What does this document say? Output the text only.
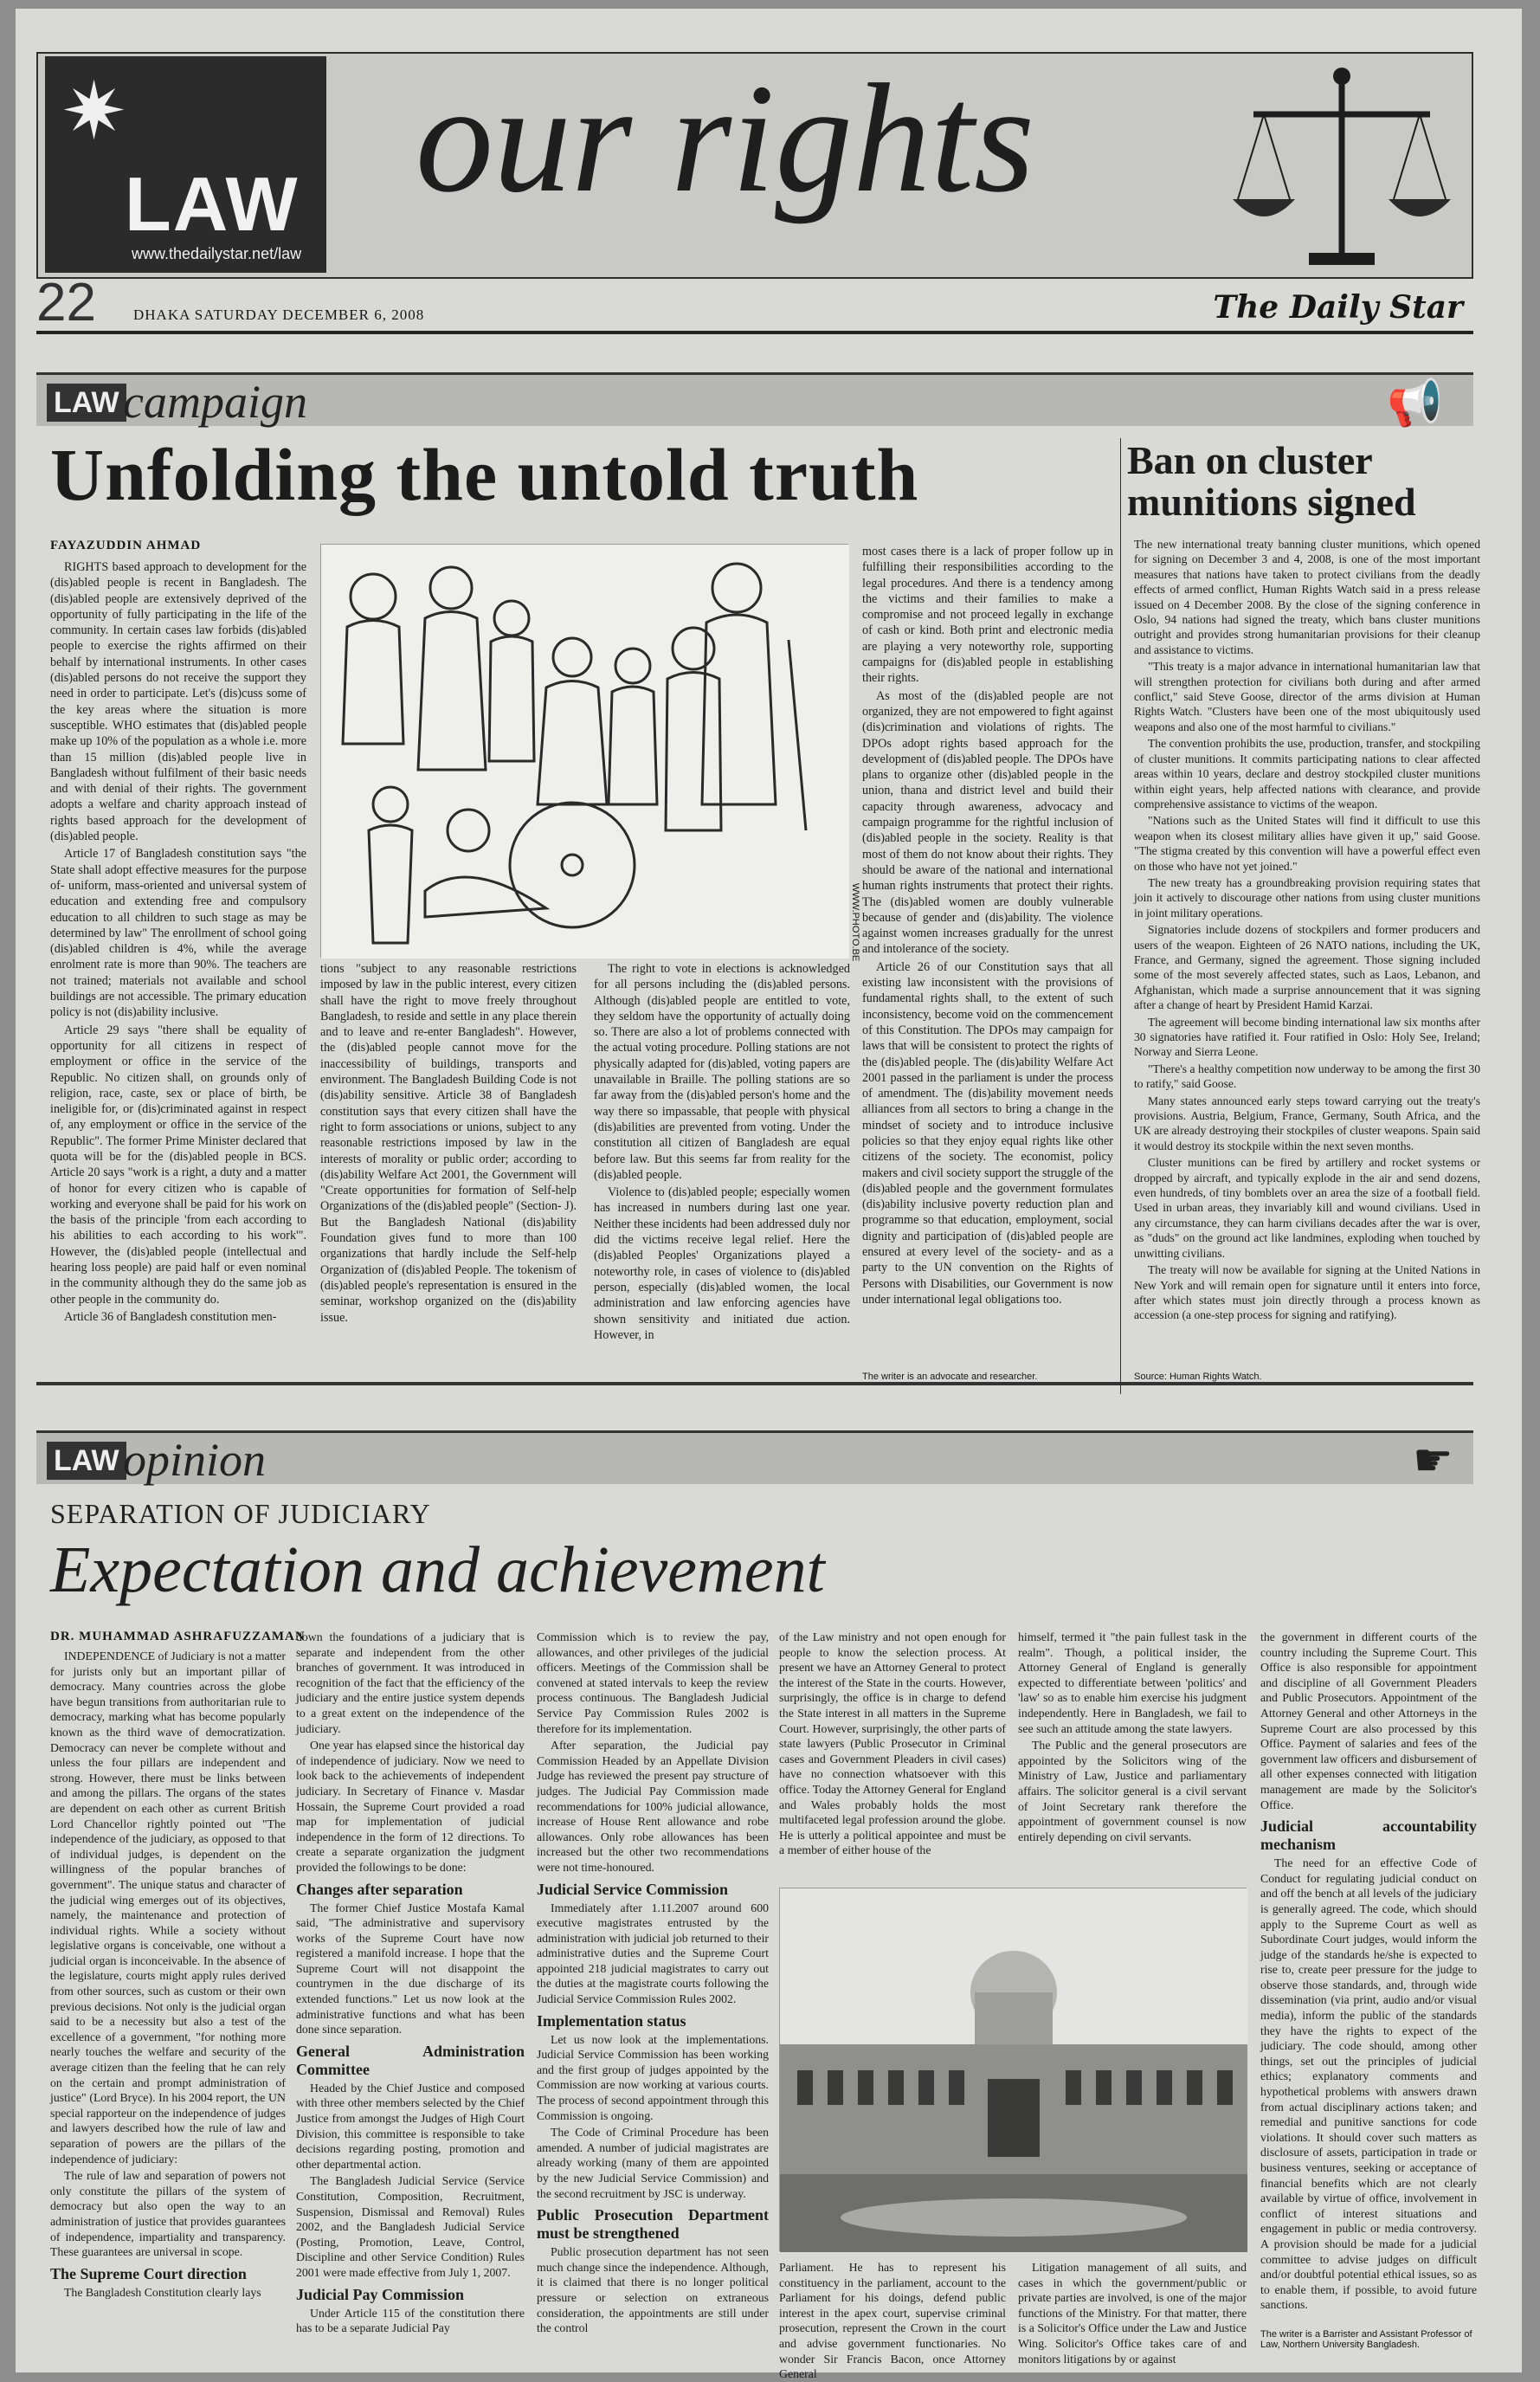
✷
LAW
www.thedailystar.net/law
our rights
22	DHAKA SATURDAY DECEMBER 6, 2008	The Daily Star
LAW campaign	📢
Unfolding the untold truth
FAYAZUDDIN AHMAD

RIGHTS based approach to development for the (dis)abled people is recent in Bangladesh. The (dis)abled people are extensively deprived of the opportunity of fully participating in the life of the community. In certain cases law forbids (dis)abled people to exercise the rights affirmed on their behalf by international instruments. In other cases (dis)abled persons do not receive the support they need in order to participate. Let's (dis)cuss some of the key areas where the situation is more susceptible. WHO estimates that (dis)abled people make up 10% of the population as a whole i.e. more than 15 million (dis)abled people live in Bangladesh without fulfilment of their basic needs and with denial of their rights. The government adopts a welfare and charity approach instead of rights based approach for the development of (dis)abled people.

Article 17 of Bangladesh constitution says "the State shall adopt effective measures for the purpose of- uniform, mass-oriented and universal system of education and extending free and compulsory education to all children to such stage as may be determined by law" The enrollment of school going (dis)abled children is 4%, while the average enrolment rate is more than 90%. The teachers are not trained; materials not available and school buildings are not accessible. The primary education policy is not (dis)ability inclusive.

Article 29 says "there shall be equality of opportunity for all citizens in respect of employment or office in the service of the Republic. No citizen shall, on grounds only of religion, race, caste, sex or place of birth, be ineligible for, or (dis)criminated against in respect of, any employment or office in the service of the Republic". The former Prime Minister declared that quota will be for the (dis)abled people in BCS. Article 20 says "work is a right, a duty and a matter of honor for every citizen who is capable of working and everyone shall be paid for his work on the basis of the principle 'from each according to his abilities to each according to his work'". However, the (dis)abled people (intellectual and hearing loss people) are paid half or even nominal in the community although they do the same job as other people in the community do.

Article 36 of Bangladesh constitution men-

WWW.PHOTO.BE

tions "subject to any reasonable restrictions imposed by law in the public interest, every citizen shall have the right to move freely throughout Bangladesh, to reside and settle in any place therein and to leave and re-enter Bangladesh". However, the (dis)abled people cannot move for the inaccessibility of buildings, transports and environment. The Bangladesh Building Code is not (dis)ability sensitive. Article 38 of Bangladesh constitution says that every citizen shall have the right to form associations or unions, subject to any reasonable restrictions imposed by law in the interests of morality or public order; according to (dis)ability Welfare Act 2001, the Government will "Create opportunities for formation of Self-help Organizations of the (dis)abled people" (Section- J). But the Bangladesh National (dis)ability Foundation gives fund to more than 100 organizations that hardly include the Self-help Organization of (dis)abled People. The tokenism of (dis)abled people's representation is ensured in the seminar, workshop organized on the (dis)ability issue.

The right to vote in elections is acknowledged for all persons including the (dis)abled persons. Although (dis)abled people are entitled to vote, they seldom have the opportunity of actually doing so. There are also a lot of problems connected with the actual voting procedure. Polling stations are not physically adapted for (dis)abled, voting papers are unavailable in Braille. The polling stations are so far away from the (dis)abled person's home and the way there so impassable, that people with physical (dis)abilities are prevented from voting. Under the constitution all citizen of Bangladesh are equal before law. But this seems far from reality for the (dis)abled people.

Violence to (dis)abled people; especially women has increased in numbers during last one year. Neither these incidents had been addressed duly nor did the victims receive legal relief. Here the (dis)abled Peoples' Organizations played a noteworthy role, in cases of violence to (dis)abled person, especially (dis)abled women, the local administration and law enforcing agencies have shown sensitivity and initiated due action. However, in

most cases there is a lack of proper follow up in fulfilling their responsibilities according to the legal procedures. And there is a tendency among the victims and their families to make a compromise and not proceed legally in exchange of cash or kind. Both print and electronic media are playing a very noteworthy role, supporting campaigns for (dis)abled people in establishing their rights.

As most of the (dis)abled people are not organized, they are not empowered to fight against (dis)crimination and violations of rights. The DPOs adopt rights based approach for the development of (dis)abled people. The DPOs have plans to organize other (dis)abled people in the union, thana and district level and build their capacity through awareness, advocacy and campaign programme for the rightful inclusion of (dis)abled people in the society. Reality is that most of them do not know about their rights. They should be aware of the national and international human rights instruments that protect their rights. The (dis)abled women are doubly vulnerable because of gender and (dis)ability. The violence against women increases gradually for the unrest and intolerance of the society.

Article 26 of our Constitution says that all existing law inconsistent with the provisions of fundamental rights shall, to the extent of such inconsistency, become void on the commencement of this Constitution. The DPOs may campaign for laws that will be consistent to protect the rights of the (dis)abled people. The (dis)ability Welfare Act 2001 passed in the parliament is under the process of amendment. The (dis)ability movement needs alliances from all sectors to bring a change in the mindset of society and to introduce inclusive policies so that they enjoy equal rights like other citizens of the society. The economist, policy makers and civil society support the struggle of the (dis)abled people and the government formulates (dis)ability inclusive poverty reduction plan and programme so that education, employment, social dignity and participation of (dis)abled people are ensured at every level of the society- and as a party to the UN convention on the Rights of Persons with Disabilities, our Government is now under international legal obligations too.

The writer is an advocate and researcher.
Ban on cluster munitions signed

The new international treaty banning cluster munitions, which opened for signing on December 3 and 4, 2008, is one of the most important measures that nations have taken to protect civilians from the deadly effects of armed conflict, Human Rights Watch said in a press release issued on 4 December 2008. By the close of the signing conference in Oslo, 94 nations had signed the treaty, which bans cluster munitions outright and provides strong humanitarian provisions for their cleanup and assistance to victims.

"This treaty is a major advance in international humanitarian law that will strengthen protection for civilians both during and after armed conflict," said Steve Goose, director of the arms division at Human Rights Watch. "Clusters have been one of the most ubiquitously used weapons and also one of the most harmful to civilians."

The convention prohibits the use, production, transfer, and stockpiling of cluster munitions. It commits participating nations to clear affected areas within 10 years, declare and destroy stockpiled cluster munitions within eight years, help affected nations with clearance, and provide comprehensive assistance to victims of the weapon.

"Nations such as the United States will find it difficult to use this weapon when its closest military allies have given it up," said Goose. "The stigma created by this convention will have a powerful effect even on those who have not yet joined."

The new treaty has a groundbreaking provision requiring states that join it actively to discourage other nations from using cluster munitions in joint military operations.

Signatories include dozens of stockpilers and former producers and users of the weapon. Eighteen of 26 NATO nations, including the UK, France, and Germany, signed the agreement. Those signing included some of the most severely affected states, such as Laos, Lebanon, and Afghanistan, which made a surprise announcement that it was signing after a change of heart by President Hamid Karzai.

The agreement will become binding international law six months after 30 signatories have ratified it. Four ratified in Oslo: Holy See, Ireland; Norway and Sierra Leone.

"There's a healthy competition now underway to be among the first 30 to ratify," said Goose.

Many states announced early steps toward carrying out the treaty's provisions. Austria, Belgium, France, Germany, South Africa, and the UK are already destroying their stockpiles of cluster weapons. Spain said it would destroy its stockpile within the next seven months.

Cluster munitions can be fired by artillery and rocket systems or dropped by aircraft, and typically explode in the air and send dozens, even hundreds, of tiny bomblets over an area the size of a football field. Used in urban areas, they invariably kill and wound civilians. Used in any circumstance, they can harm civilians decades after the war is over, as "duds" on the ground act like landmines, exploding when touched by unwitting civilians.

The treaty will now be available for signing at the United Nations in New York and will remain open for signature until it enters into force, after which states must join directly through a process known as accession (a one-step process for signing and ratifying).

Source: Human Rights Watch.
LAW opinion	☛
SEPARATION OF JUDICIARY
Expectation and achievement
DR. MUHAMMAD ASHRAFUZZAMAN

INDEPENDENCE of Judiciary is not a matter for jurists only but an important pillar of democracy. Many countries across the globe have begun transitions from authoritarian rule to democracy, marking what has become popularly known as the third wave of democratization. Democracy can never be complete without and unless the four pillars are independent and strong. However, there must be links between and among the pillars. The organs of the states are dependent on each other as current British Lord Chancellor rightly pointed out "The independence of the judiciary, as opposed to that of individual judges, is dependent on the willingness of the popular branches of government". The unique status and character of the judicial wing emerges out of its objectives, namely, the maintenance and protection of individual rights. While a society without legislative organs is conceivable, one without a judicial organ is inconceivable. In the absence of the legislature, courts might apply rules derived from other sources, such as custom or their own previous decisions. Not only is the judicial organ said to be a necessity but also a test of the excellence of a government, "for nothing more nearly touches the welfare and security of the average citizen than the feeling that he can rely on the certain and prompt administration of justice" (Lord Bryce). In his 2004 report, the UN special rapporteur on the independence of judges and lawyers described how the rule of law and separation of powers are the pillars of the independence of judiciary:

The rule of law and separation of powers not only constitute the pillars of the system of democracy but also open the way to an administration of justice that provides guarantees of independence, impartiality and transparency. These guarantees are universal in scope.

The Supreme Court direction

The Bangladesh Constitution clearly lays

down the foundations of a judiciary that is separate and independent from the other branches of government. It was introduced in recognition of the fact that the efficiency of the judiciary and the entire justice system depends to a great extent on the independence of the judiciary.

One year has elapsed since the historical day of independence of judiciary. Now we need to look back to the achievements of independent judiciary. In Secretary of Finance v. Masdar Hossain, the Supreme Court provided a road map for implementation of judicial independence in the form of 12 directions. To create a separate organization the judgment provided the followings to be done:

Changes after separation

The former Chief Justice Mostafa Kamal said, "The administrative and supervisory works of the Supreme Court have now registered a manifold increase. I hope that the Supreme Court will not disappoint the countrymen in the due discharge of its extended functions." Let us now look at the administrative functions and what has been done since separation.

General Administration Committee

Headed by the Chief Justice and composed with three other members selected by the Chief Justice from amongst the Judges of High Court Division, this committee is responsible to take decisions regarding posting, promotion and other departmental action.

The Bangladesh Judicial Service (Service Constitution, Composition, Recruitment, Suspension, Dismissal and Removal) Rules 2002, and the Bangladesh Judicial Service (Posting, Promotion, Leave, Control, Discipline and other Service Condition) Rules 2001 were made effective from July 1, 2007.

Judicial Pay Commission

Under Article 115 of the constitution there has to be a separate Judicial Pay

Commission which is to review the pay, allowances, and other privileges of the judicial officers. Meetings of the Commission shall be convened at stated intervals to keep the review process continuous. The Bangladesh Judicial Service Pay Commission Rules 2002 is therefore for its implementation.

After separation, the Judicial pay Commission Headed by an Appellate Division Judge has reviewed the present pay structure of judges. The Judicial Pay Commission made recommendations for 100% judicial allowance, increase of House Rent allowance and robe allowances. Only robe allowances has been increased but the other two recommendations were not time-honoured.

Judicial Service Commission

Immediately after 1.11.2007 around 600 executive magistrates entrusted by the administration with judicial job returned to their administrative duties and the Supreme Court appointed 218 judicial magistrates to carry out the duties at the magistrate courts following the Judicial Service Commission Rules 2002.

Implementation status

Let us now look at the implementations. Judicial Service Commission has been working and the first group of judges appointed by the Commission are now working at various courts. The process of second appointment through this Commission is ongoing.

The Code of Criminal Procedure has been amended. A number of judicial magistrates are already working (many of them are appointed by the new Judicial Service Commission) and the second recruitment by JSC is underway.

Public Prosecution Department must be strengthened

Public prosecution department has not seen much change since the independence. Although, it is claimed that there is no longer political pressure or selection on extraneous consideration, the appointments are still under the control

of the Law ministry and not open enough for people to know the selection process. At present we have an Attorney General to protect the interest of the State in the courts. However, surprisingly, the office is in charge to defend the State interest in all matters in the Supreme Court. However, surprisingly, the other parts of state lawyers (Public Prosecutor in Criminal cases and Government Pleaders in civil cases) have no connection whatsoever with this office. Today the Attorney General for England and Wales probably holds the most multifaceted legal profession around the globe. He is utterly a political appointee and must be a member of either house of the

himself, termed it "the pain fullest task in the realm". Though, a political insider, the Attorney General of England is generally expected to differentiate between 'politics' and 'law' so as to enable him exercise his judgment independently. Here in Bangladesh, we fail to see such an attitude among the state lawyers.

The Public and the general prosecutors are appointed by the Solicitors wing of the Ministry of Law, Justice and parliamentary affairs. The solicitor general is a civil servant of Joint Secretary rank therefore the appointment of government counsel is now entirely depending on civil servants.

Parliament. He has to represent his constituency in the parliament, account to the Parliament for his doings, defend public interest in the apex court, supervise criminal prosecution, represent the Crown in the court and advise government functionaries. No wonder Sir Francis Bacon, once Attorney General

Litigation management of all suits, and cases in which the government/public or private parties are involved, is one of the major functions of the Ministry. For that matter, there is a Solicitor's Office under the Law and Justice Wing. Solicitor's Office takes care of and monitors litigations by or against

the government in different courts of the country including the Supreme Court. This Office is also responsible for appointment and discipline of all Government Pleaders and Public Prosecutors. Appointment of the Attorney General and other Attorneys in the Supreme Court are also processed by this Office. Payment of salaries and fees of the government law officers and disbursement of all other expenses connected with litigation management are made by the Solicitor's Office.

Judicial accountability mechanism

The need for an effective Code of Conduct for regulating judicial conduct on and off the bench at all levels of the judiciary is generally agreed. The code, which should apply to the Supreme Court as well as Subordinate Court judges, would inform the judge of the standards he/she is expected to rise to, create peer pressure for the judge to observe those standards, and, through wide dissemination (via print, audio and/or visual media), inform the public of the standards they have the rights to expect of the judiciary. The code should, among other things, set out the principles of judicial ethics; explanatory comments and hypothetical problems with answers drawn from actual disciplinary actions taken; and remedial and punitive sanctions for code violations. It should cover such matters as disclosure of assets, participation in trade or business ventures, seeking or acceptance of financial benefits which are not clearly available by virtue of office, involvement in conflict of interest situations and engagement in public or media controversy. A provision should be made for a judicial committee to advise judges on difficult and/or doubtful potential ethical issues, so as to enable them, if possible, to avoid future sanctions.

The writer is a Barrister and Assistant Professor of Law, Northern University Bangladesh.
